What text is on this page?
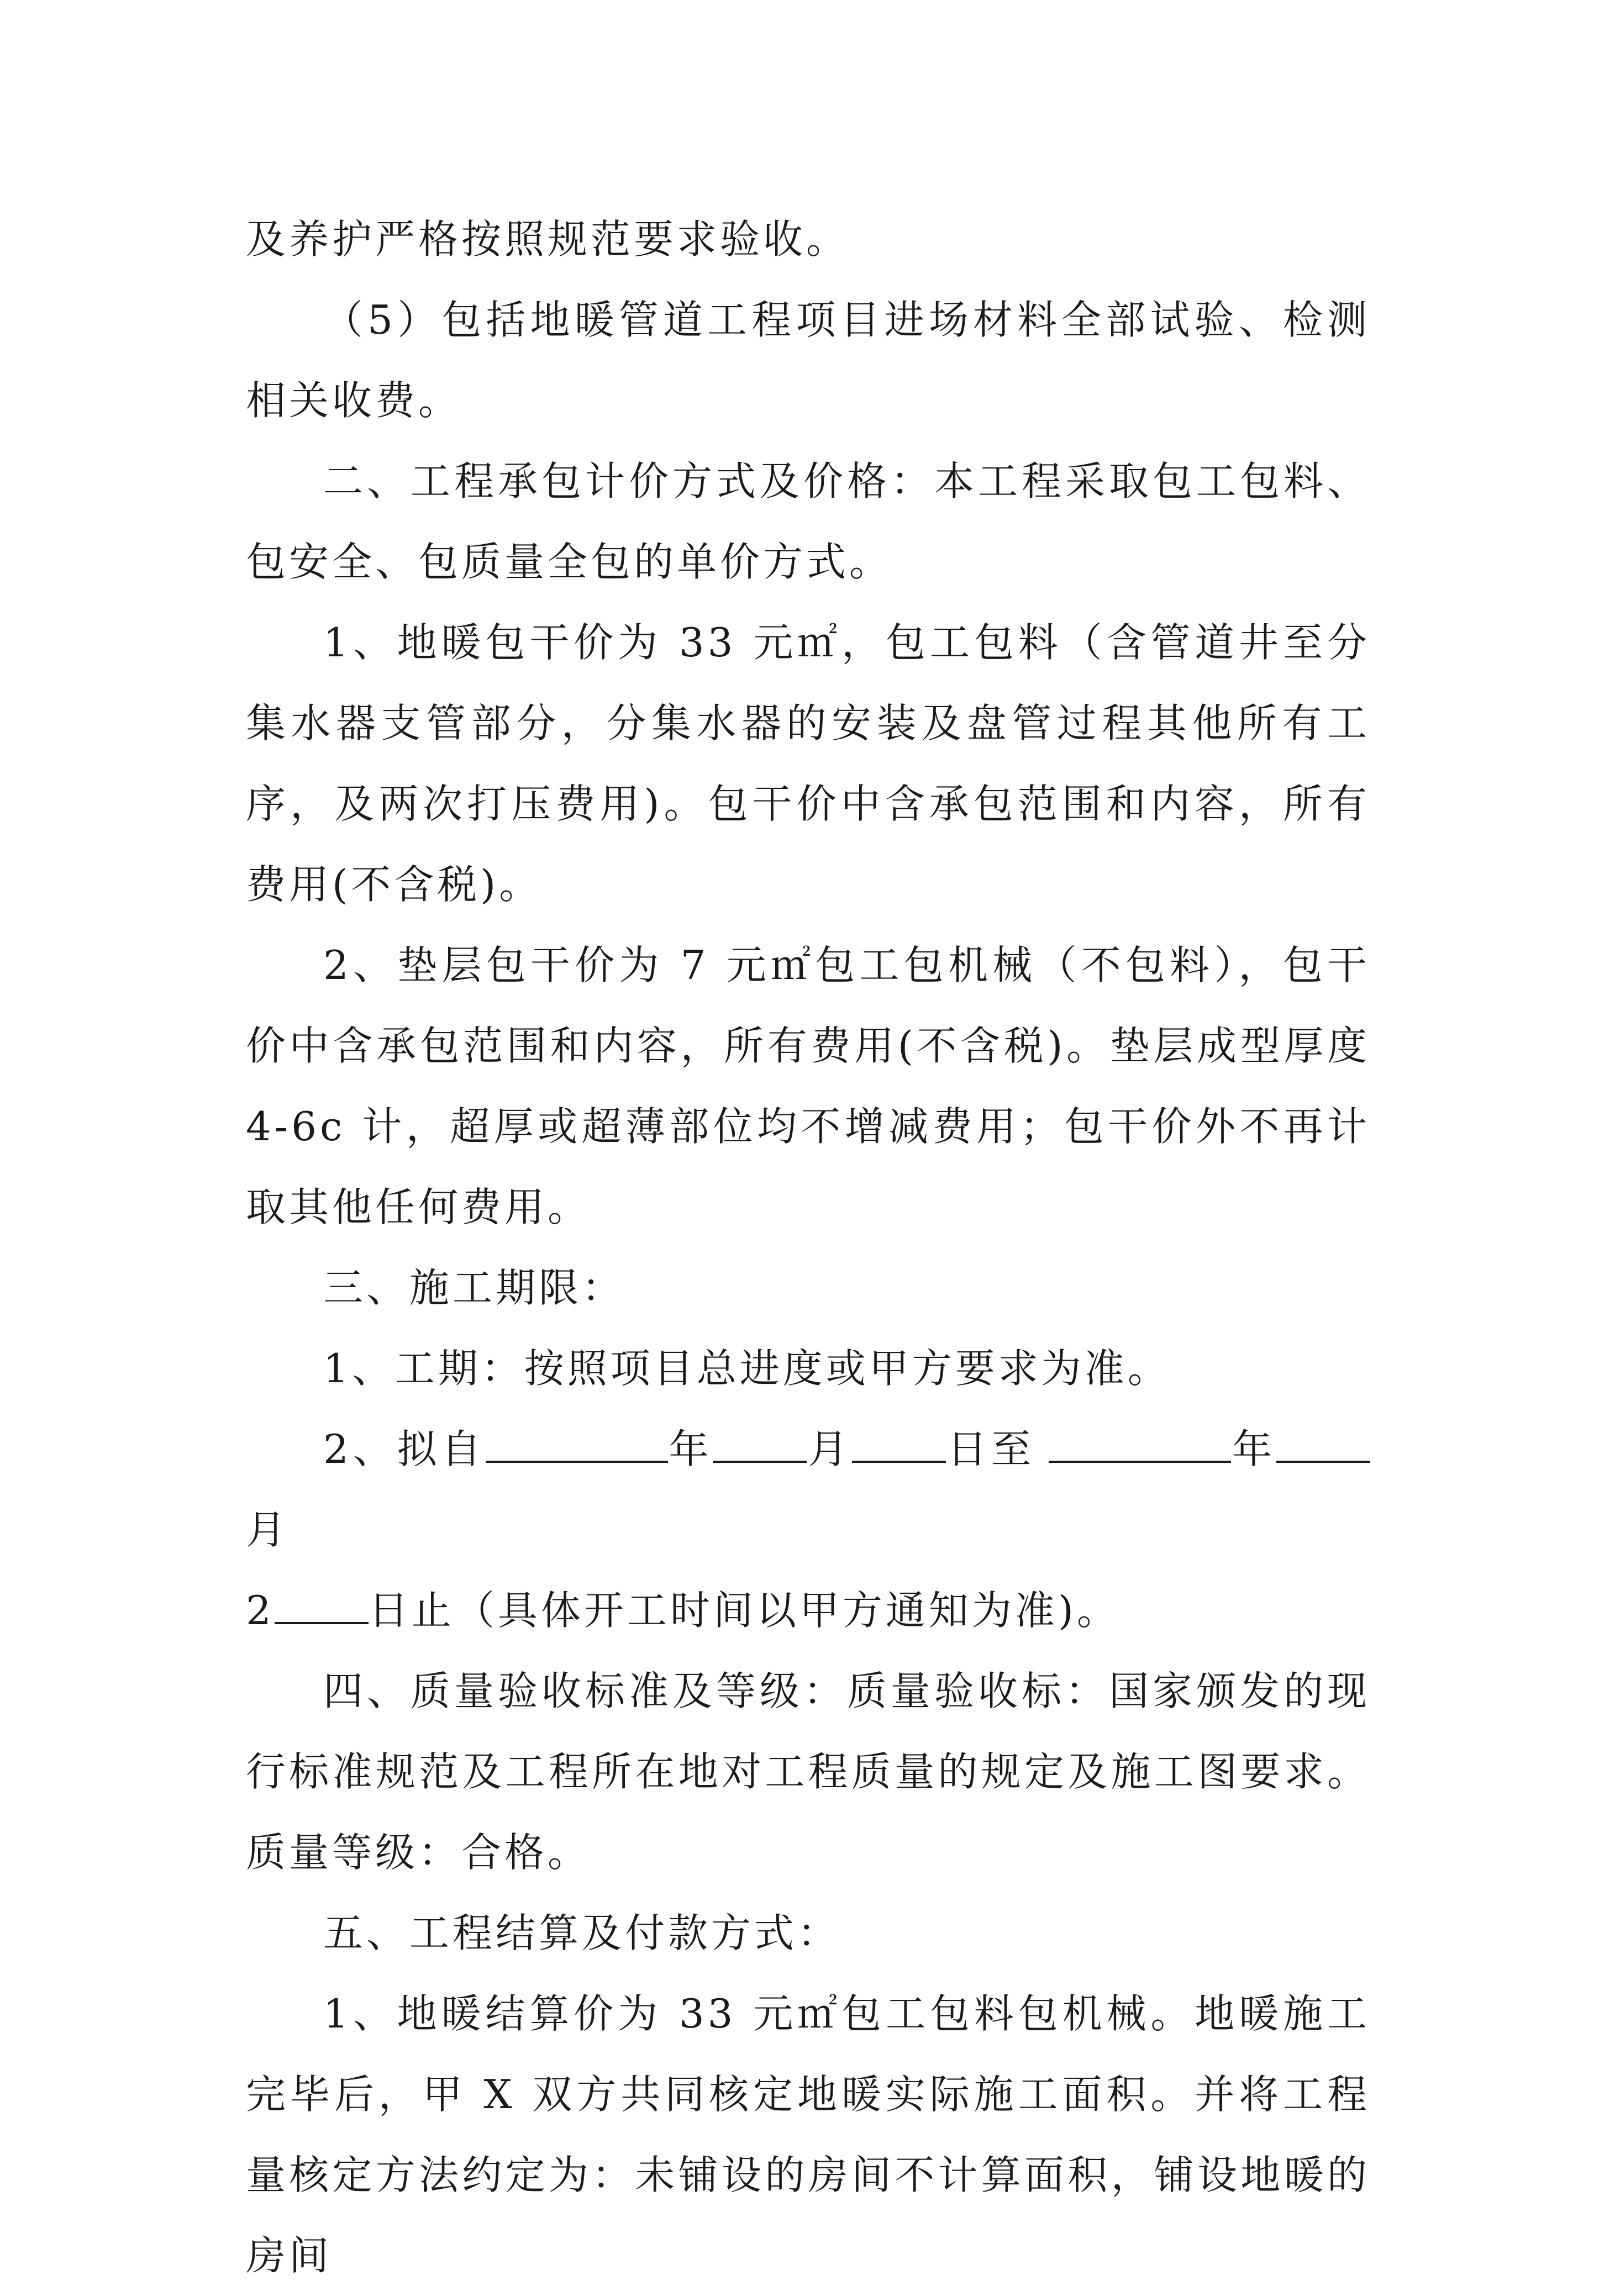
及养护严格按照规范要求验收。

（5）包括地暖管道工程项目进场材料全部试验、检测相关收费。

二、工程承包计价方式及价格：本工程采取包工包料、包安全、包质量全包的单价方式。

1、地暖包干价为 33 元㎡，包工包料（含管道井至分集水器支管部分，分集水器的安装及盘管过程其他所有工序，及两次打压费用)。包干价中含承包范围和内容，所有费用(不含税)。

2、垫层包干价为 7 元㎡包工包机械（不包料），包干价中含承包范围和内容，所有费用(不含税)。垫层成型厚度 4-6c 计，超厚或超薄部位均不增减费用；包干价外不再计取其他任何费用。

三、施工期限：

1、工期：按照项目总进度或甲方要求为准。

2、拟自	年 月 日至	年月

2 日止（具体开工时间以甲方通知为准)。

四、质量验收标准及等级：质量验收标：国家颁发的现行标准规范及工程所在地对工程质量的规定及施工图要求。质量等级：合格。

五、工程结算及付款方式：

1、地暖结算价为 33 元㎡包工包料包机械。地暖施工完毕后，甲 X 双方共同核定地暖实际施工面积。并将工程量核定方法约定为：未铺设的房间不计算面积，铺设地暖的房间
